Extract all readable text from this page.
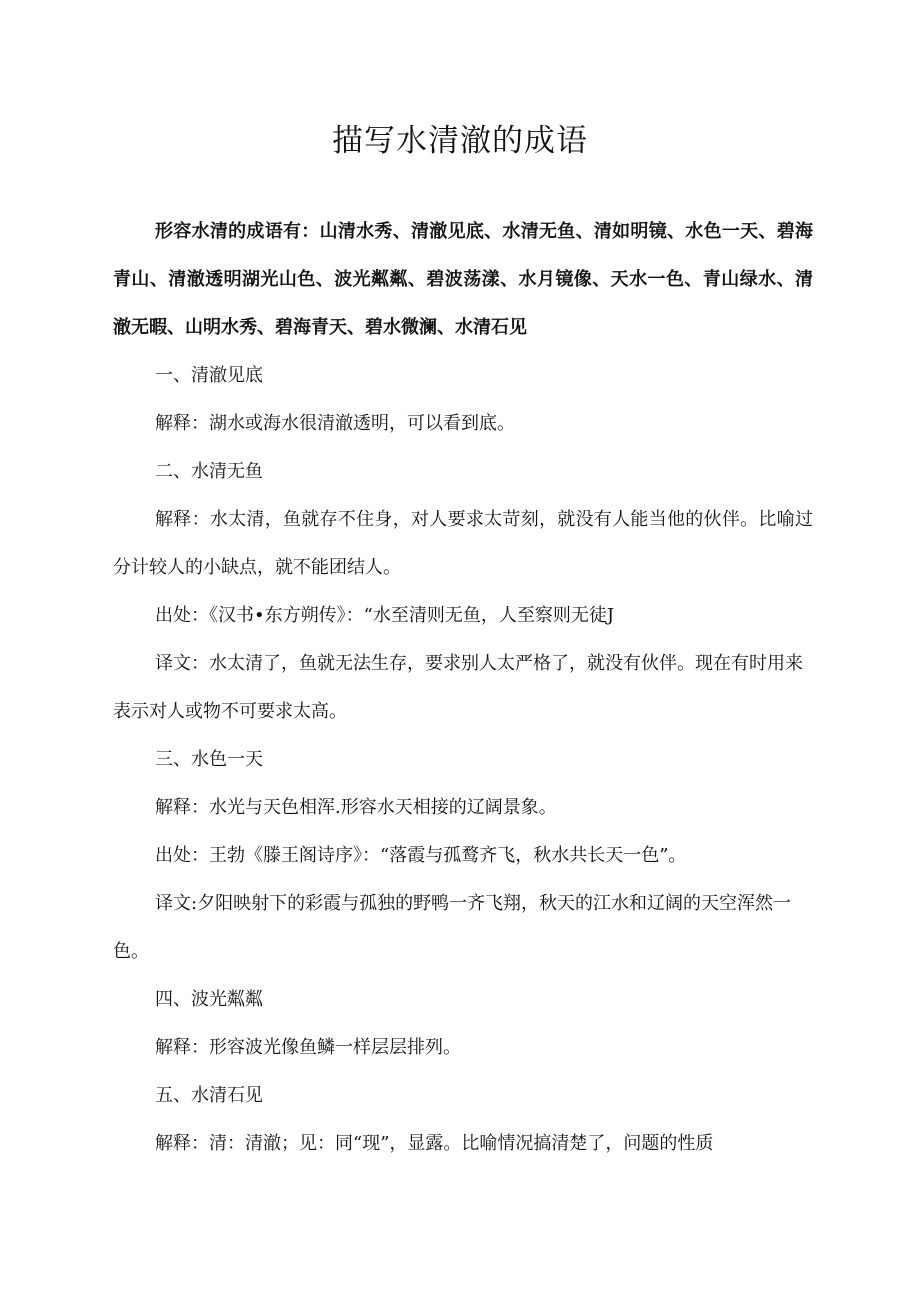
描写水清澈的成语

形容水清的成语有：山清水秀、清澈见底、水清无鱼、清如明镜、水色一天、碧海青山、清澈透明湖光山色、波光粼粼、碧波荡漾、水月镜像、天水一色、青山绿水、清澈无暇、山明水秀、碧海青天、碧水微澜、水清石见

一、清澈见底

解释：湖水或海水很清澈透明，可以看到底。

二、水清无鱼

解释：水太清，鱼就存不住身，对人要求太苛刻，就没有人能当他的伙伴。比喻过分计较人的小缺点，就不能团结人。

出处：《汉书•东方朔传》：“水至清则无鱼，人至察则无徒J

译文：水太清了，鱼就无法生存，要求别人太严格了，就没有伙伴。现在有时用来表示对人或物不可要求太高。

三、水色一天

解释：水光与天色相浑.形容水天相接的辽阔景象。

出处：王勃《滕王阁诗序》：“落霞与孤鹜齐飞，秋水共长天一色”。

译文:夕阳映射下的彩霞与孤独的野鸭一齐飞翔，秋天的江水和辽阔的天空浑然一色。

四、波光粼粼

解释：形容波光像鱼鳞一样层层排列。

五、水清石见

解释：清：清澈；见：同“现”，显露。比喻情况搞清楚了，问题的性质
